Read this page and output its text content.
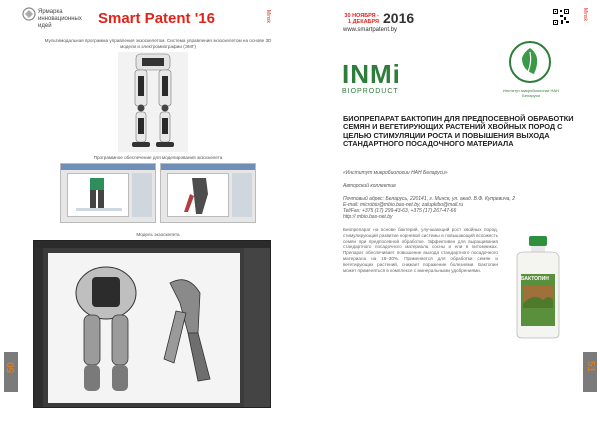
Ярмарка инновационных идей	Smart Patent '16	Minsk
Мультимодальная программа управления экзоскелетом. Система управления экзоскелетом на основе 3D модели и электромиографии (ЭМГ)
Программное обеспечение для моделирования экзоскелета
Модель экзоскелета
50
30 НОЯБРЯ - 1 ДЕКАБРЯ 2016
www.smartpatent.by
Minsk
INMi
BIOPRODUCT	Институт микробиологии НАН Беларуси
БИОПРЕПАРАТ БАКТОПИН ДЛЯ ПРЕДПОСЕВНОЙ ОБРАБОТКИ СЕМЯН И ВЕГЕТИРУЮЩИХ РАСТЕНИЙ ХВОЙНЫХ ПОРОД С ЦЕЛЬЮ СТИМУЛЯЦИИ РОСТА И ПОВЫШЕНИЯ ВЫХОДА СТАНДАРТНОГО ПОСАДОЧНОГО МАТЕРИАЛА
«Институт микробиологии НАН Беларуси»
Авторский коллектив
Почтовый адрес: Беларусь, 220141, г. Минск, ул. акад. В.Ф. Купревича, 2
E-mail: microbio@mbio.bas-net.by, zalupkibo@mail.ru
Tel/Fax: +375 (17) 299-43-63, +375 (17) 267-47-66
http:// mbio.bas-net.by
Биопрепарат на основе бактерий, улучшающий рост хвойных пород, стимулирующий развитие корневой системы и повышающий всхожесть семян при предпосевной обработке. Эффективен для выращивания стандартного посадочного материала сосны и ели в питомниках. Препарат обеспечивает повышение выхода стандартного посадочного материала на 15–30%. Применяется для обработки семян и вегетирующих растений, снижает поражение болезнями. Бактопин может применяться в комплексе с минеральными удобрениями.
БАКТОПИН
51
